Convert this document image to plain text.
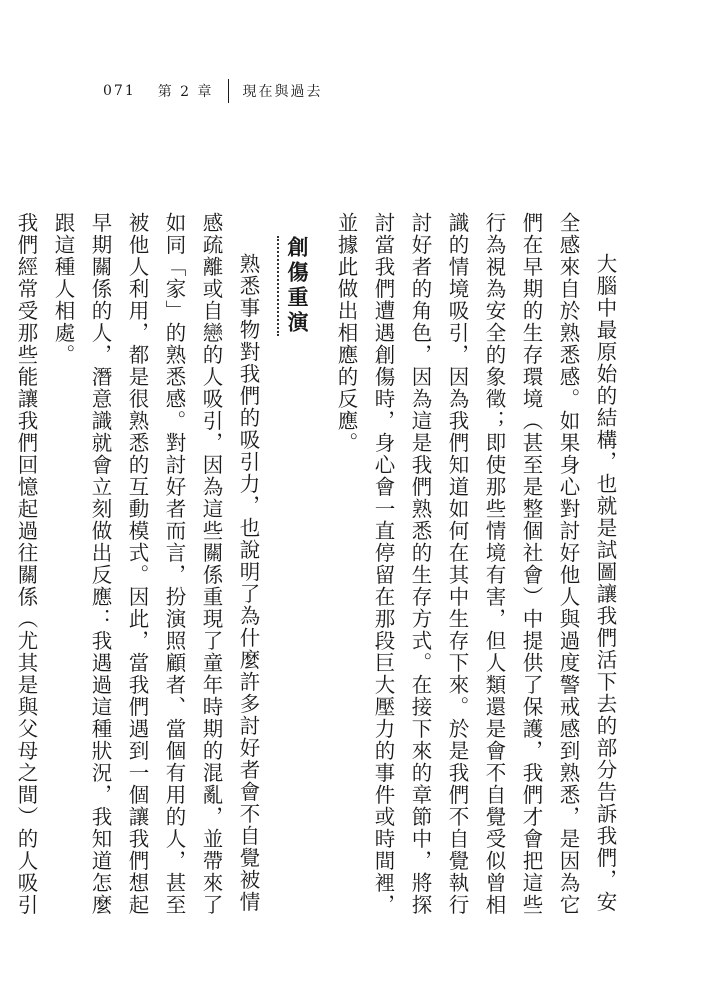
071 第 2 章 現在與過去

大腦中最原始的結構，也就是試圖讓我們活下去的部分告訴我們，安全感來自於熟悉感。如果身心對討好他人與過度警戒感到熟悉，是因為它們在早期的生存環境（甚至是整個社會）中提供了保護，我們才會把這些行為視為安全的象徵；即使那些情境有害，但人類還是會不自覺受似曾相識的情境吸引，因為我們知道如何在其中生存下來。於是我們不自覺執行討好者的角色，因為這是我們熟悉的生存方式。在接下來的章節中，將探討當我們遭遇創傷時，身心會一直停留在那段巨大壓力的事件或時間裡，並據此做出相應的反應。

創傷重演

熟悉事物對我們的吸引力，也說明了為什麼許多討好者會不自覺被情感疏離或自戀的人吸引，因為這些關係重現了童年時期的混亂，並帶來了如同「家」的熟悉感。對討好者而言，扮演照顧者、當個有用的人，甚至被他人利用，都是很熟悉的互動模式。因此，當我們遇到一個讓我們想起早期關係的人，潛意識就會立刻做出反應：我遇過這種狀況，我知道怎麼跟這種人相處。

我們經常受那些能讓我們回憶起過往關係（尤其是與父母之間）的人吸引
